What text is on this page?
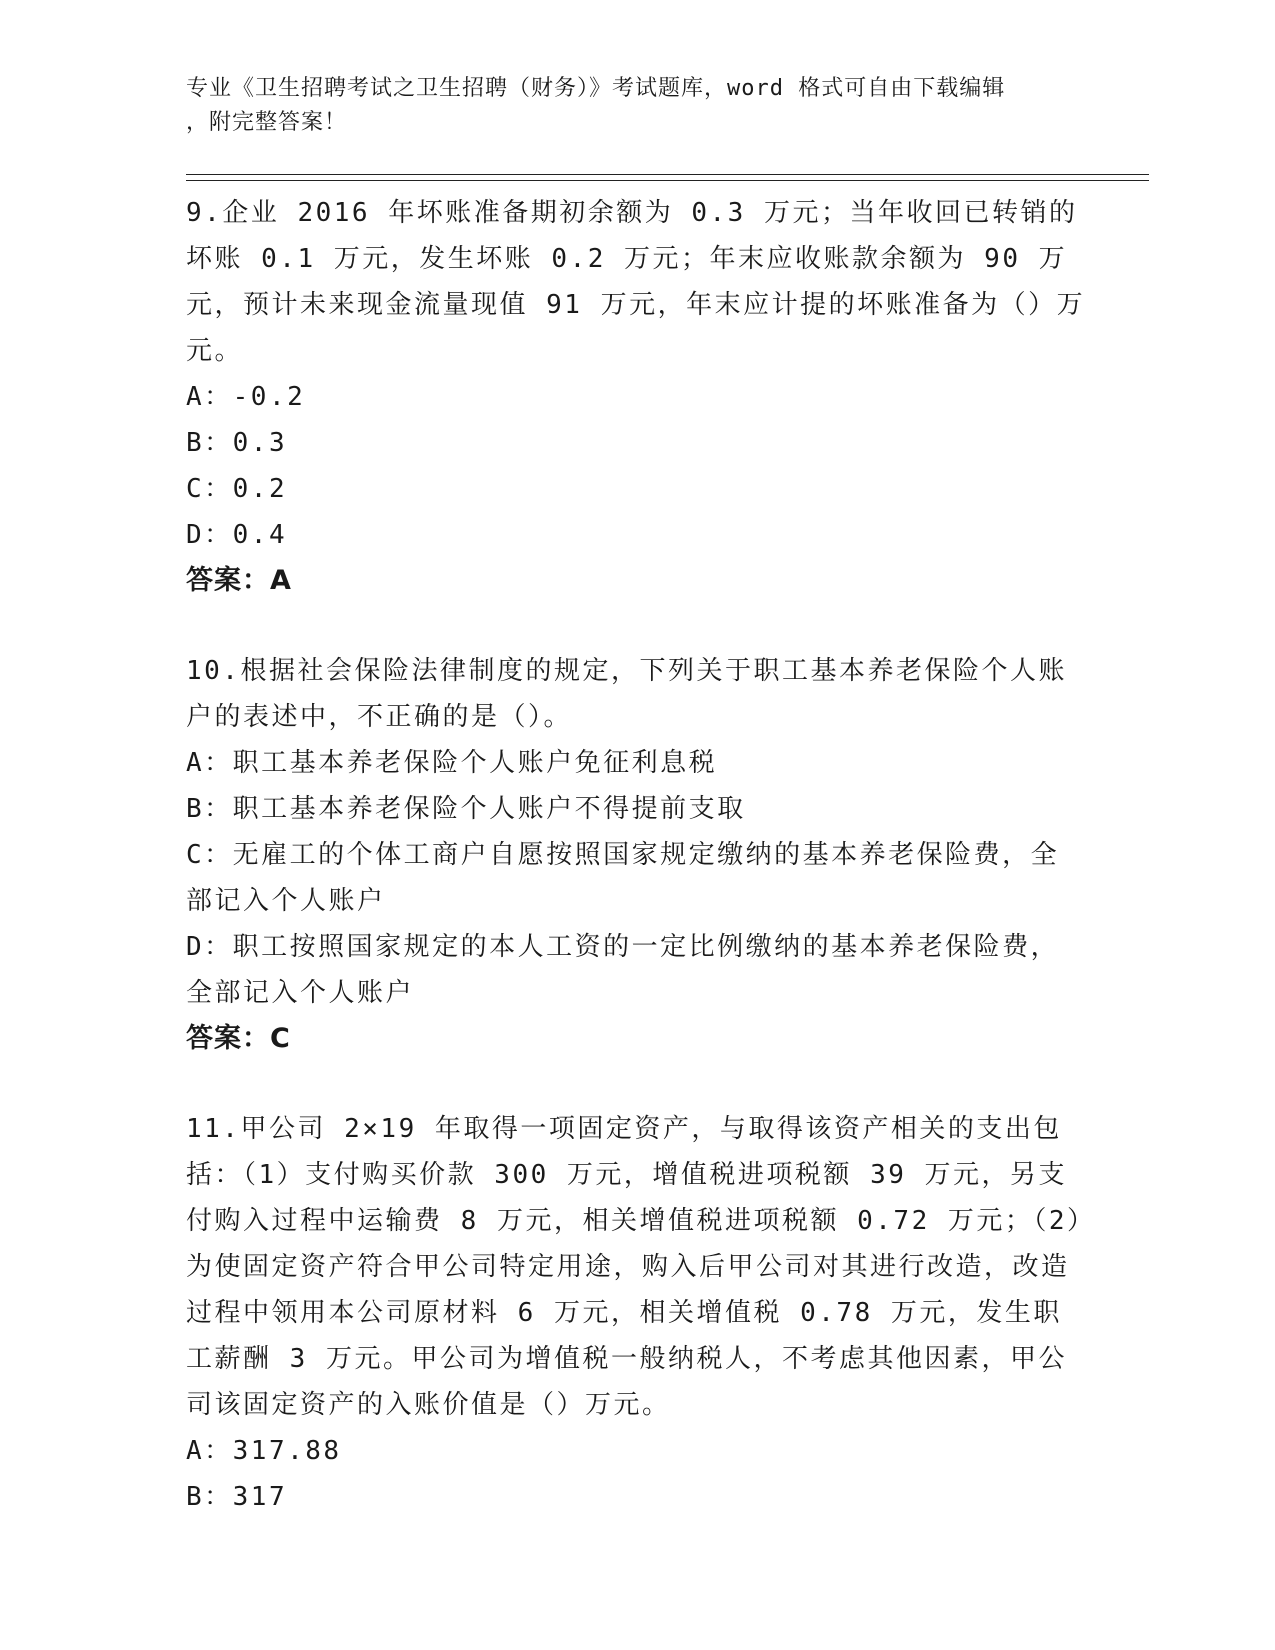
专业《卫生招聘考试之卫生招聘（财务）》考试题库，word 格式可自由下载编辑
，附完整答案！
9.企业 2016 年坏账准备期初余额为 0.3 万元；当年收回已转销的坏账 0.1 万元，发生坏账 0.2 万元；年末应收账款余额为 90 万元，预计未来现金流量现值 91 万元，年末应计提的坏账准备为（）万元。
A：-0.2
B：0.3
C：0.2
D：0.4
答案：A
10.根据社会保险法律制度的规定，下列关于职工基本养老保险个人账户的表述中，不正确的是（）。
A：职工基本养老保险个人账户免征利息税
B：职工基本养老保险个人账户不得提前支取
C：无雇工的个体工商户自愿按照国家规定缴纳的基本养老保险费，全部记入个人账户
D：职工按照国家规定的本人工资的一定比例缴纳的基本养老保险费，全部记入个人账户
答案：C
11.甲公司 2×19 年取得一项固定资产，与取得该资产相关的支出包括：（1）支付购买价款 300 万元，增值税进项税额 39 万元，另支付购入过程中运输费 8 万元，相关增值税进项税额 0.72 万元；（2）为使固定资产符合甲公司特定用途，购入后甲公司对其进行改造，改造过程中领用本公司原材料 6 万元，相关增值税 0.78 万元，发生职工薪酬 3 万元。甲公司为增值税一般纳税人，不考虑其他因素，甲公司该固定资产的入账价值是（）万元。
A：317.88
B：317
